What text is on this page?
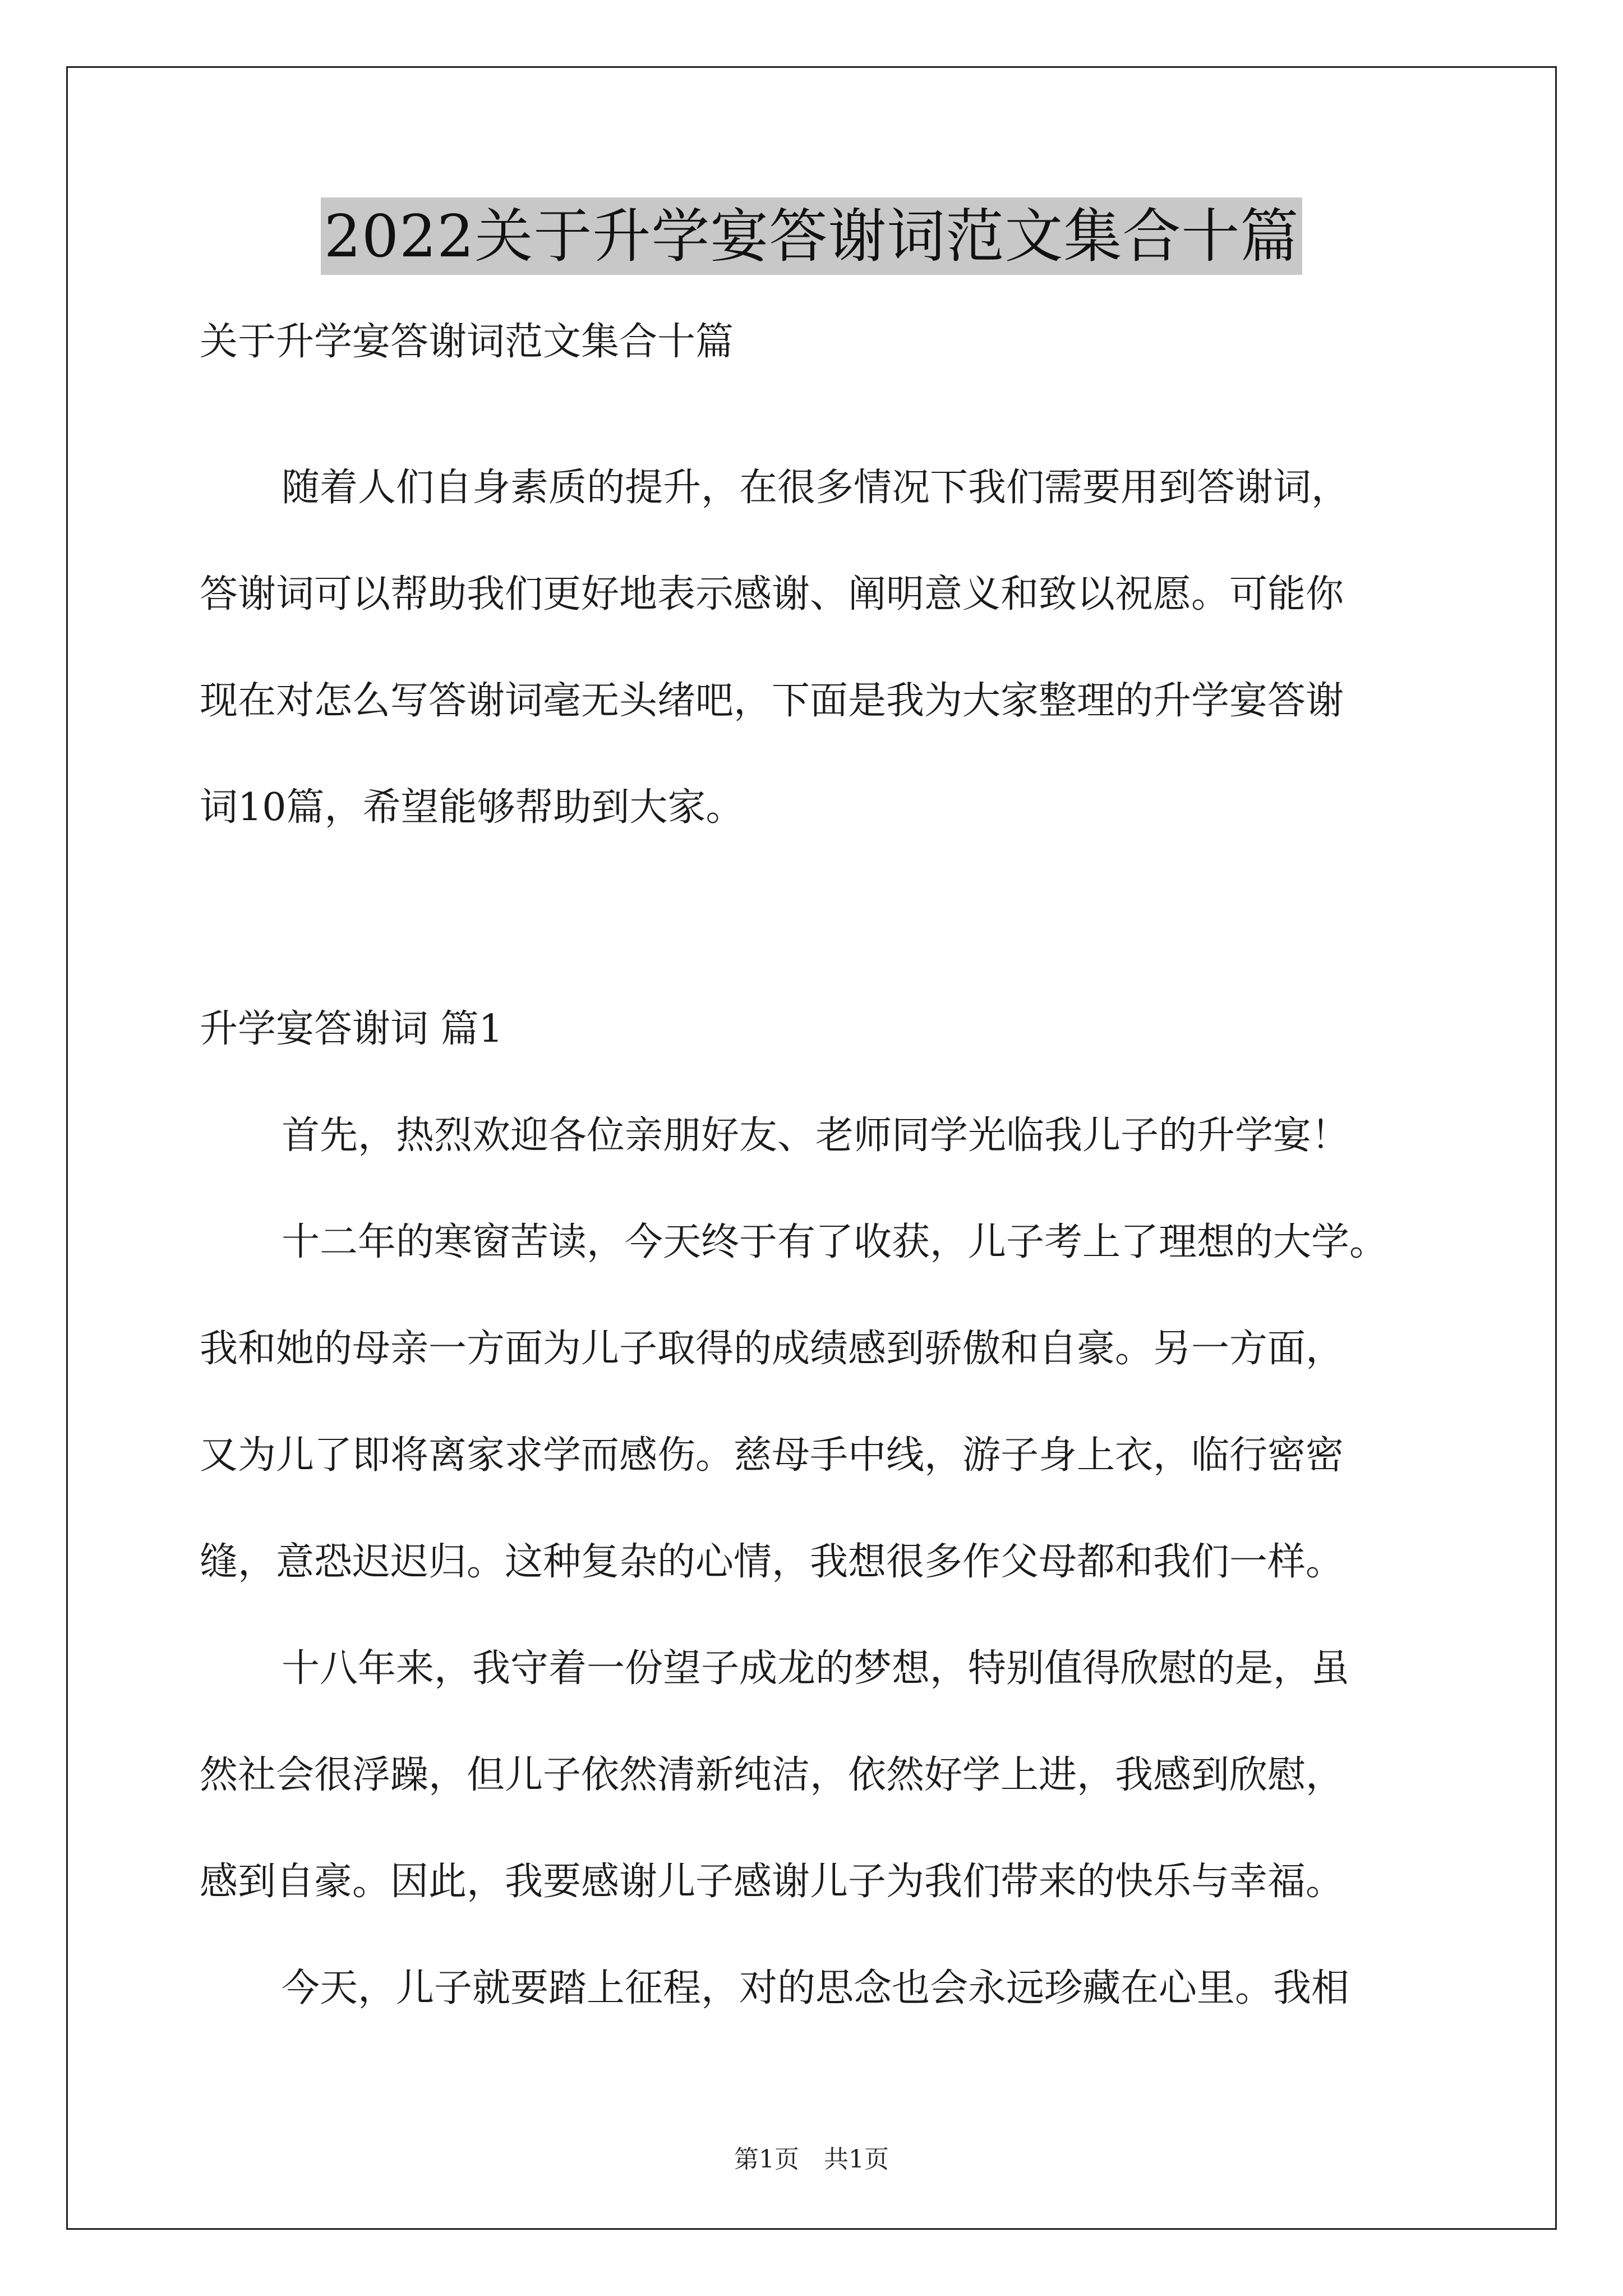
2022关于升学宴答谢词范文集合十篇
关于升学宴答谢词范文集合十篇
随着人们自身素质的提升，在很多情况下我们需要用到答谢词，
答谢词可以帮助我们更好地表示感谢、阐明意义和致以祝愿。可能你
现在对怎么写答谢词毫无头绪吧，下面是我为大家整理的升学宴答谢
词10篇，希望能够帮助到大家。
升学宴答谢词 篇1
首先，热烈欢迎各位亲朋好友、老师同学光临我儿子的升学宴！
十二年的寒窗苦读，今天终于有了收获，儿子考上了理想的大学。
我和她的母亲一方面为儿子取得的成绩感到骄傲和自豪。另一方面，
又为儿了即将离家求学而感伤。慈母手中线，游子身上衣，临行密密
缝，意恐迟迟归。这种复杂的心情，我想很多作父母都和我们一样。
十八年来，我守着一份望子成龙的梦想，特别值得欣慰的是，虽
然社会很浮躁，但儿子依然清新纯洁，依然好学上进，我感到欣慰，
感到自豪。因此，我要感谢儿子感谢儿子为我们带来的快乐与幸福。
今天，儿子就要踏上征程，对的思念也会永远珍藏在心里。我相
第1页　共1页
